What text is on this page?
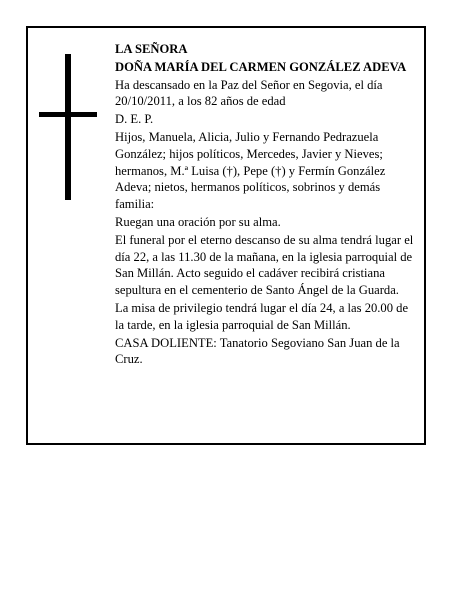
LA SEÑORA

DOÑA MARÍA DEL CARMEN GONZÁLEZ ADEVA

Ha descansado en la Paz del Señor en Segovia, el día 20/10/2011, a los 82 años de edad

D. E. P.

Hijos, Manuela, Alicia, Julio y Fernando Pedrazuela González; hijos políticos, Mercedes, Javier y Nieves; hermanos, M.ª Luisa (†), Pepe (†) y Fermín González Adeva; nietos, hermanos políticos, sobrinos y demás familia:

Ruegan una oración por su alma.

El funeral por el eterno descanso de su alma tendrá lugar el día 22, a las 11.30 de la mañana, en la iglesia parroquial de San Millán. Acto seguido el cadáver recibirá cristiana sepultura en el cementerio de Santo Ángel de la Guarda.

La misa de privilegio tendrá lugar el día 24, a las 20.00 de la tarde, en la iglesia parroquial de San Millán.

CASA DOLIENTE: Tanatorio Segoviano San Juan de la Cruz.
